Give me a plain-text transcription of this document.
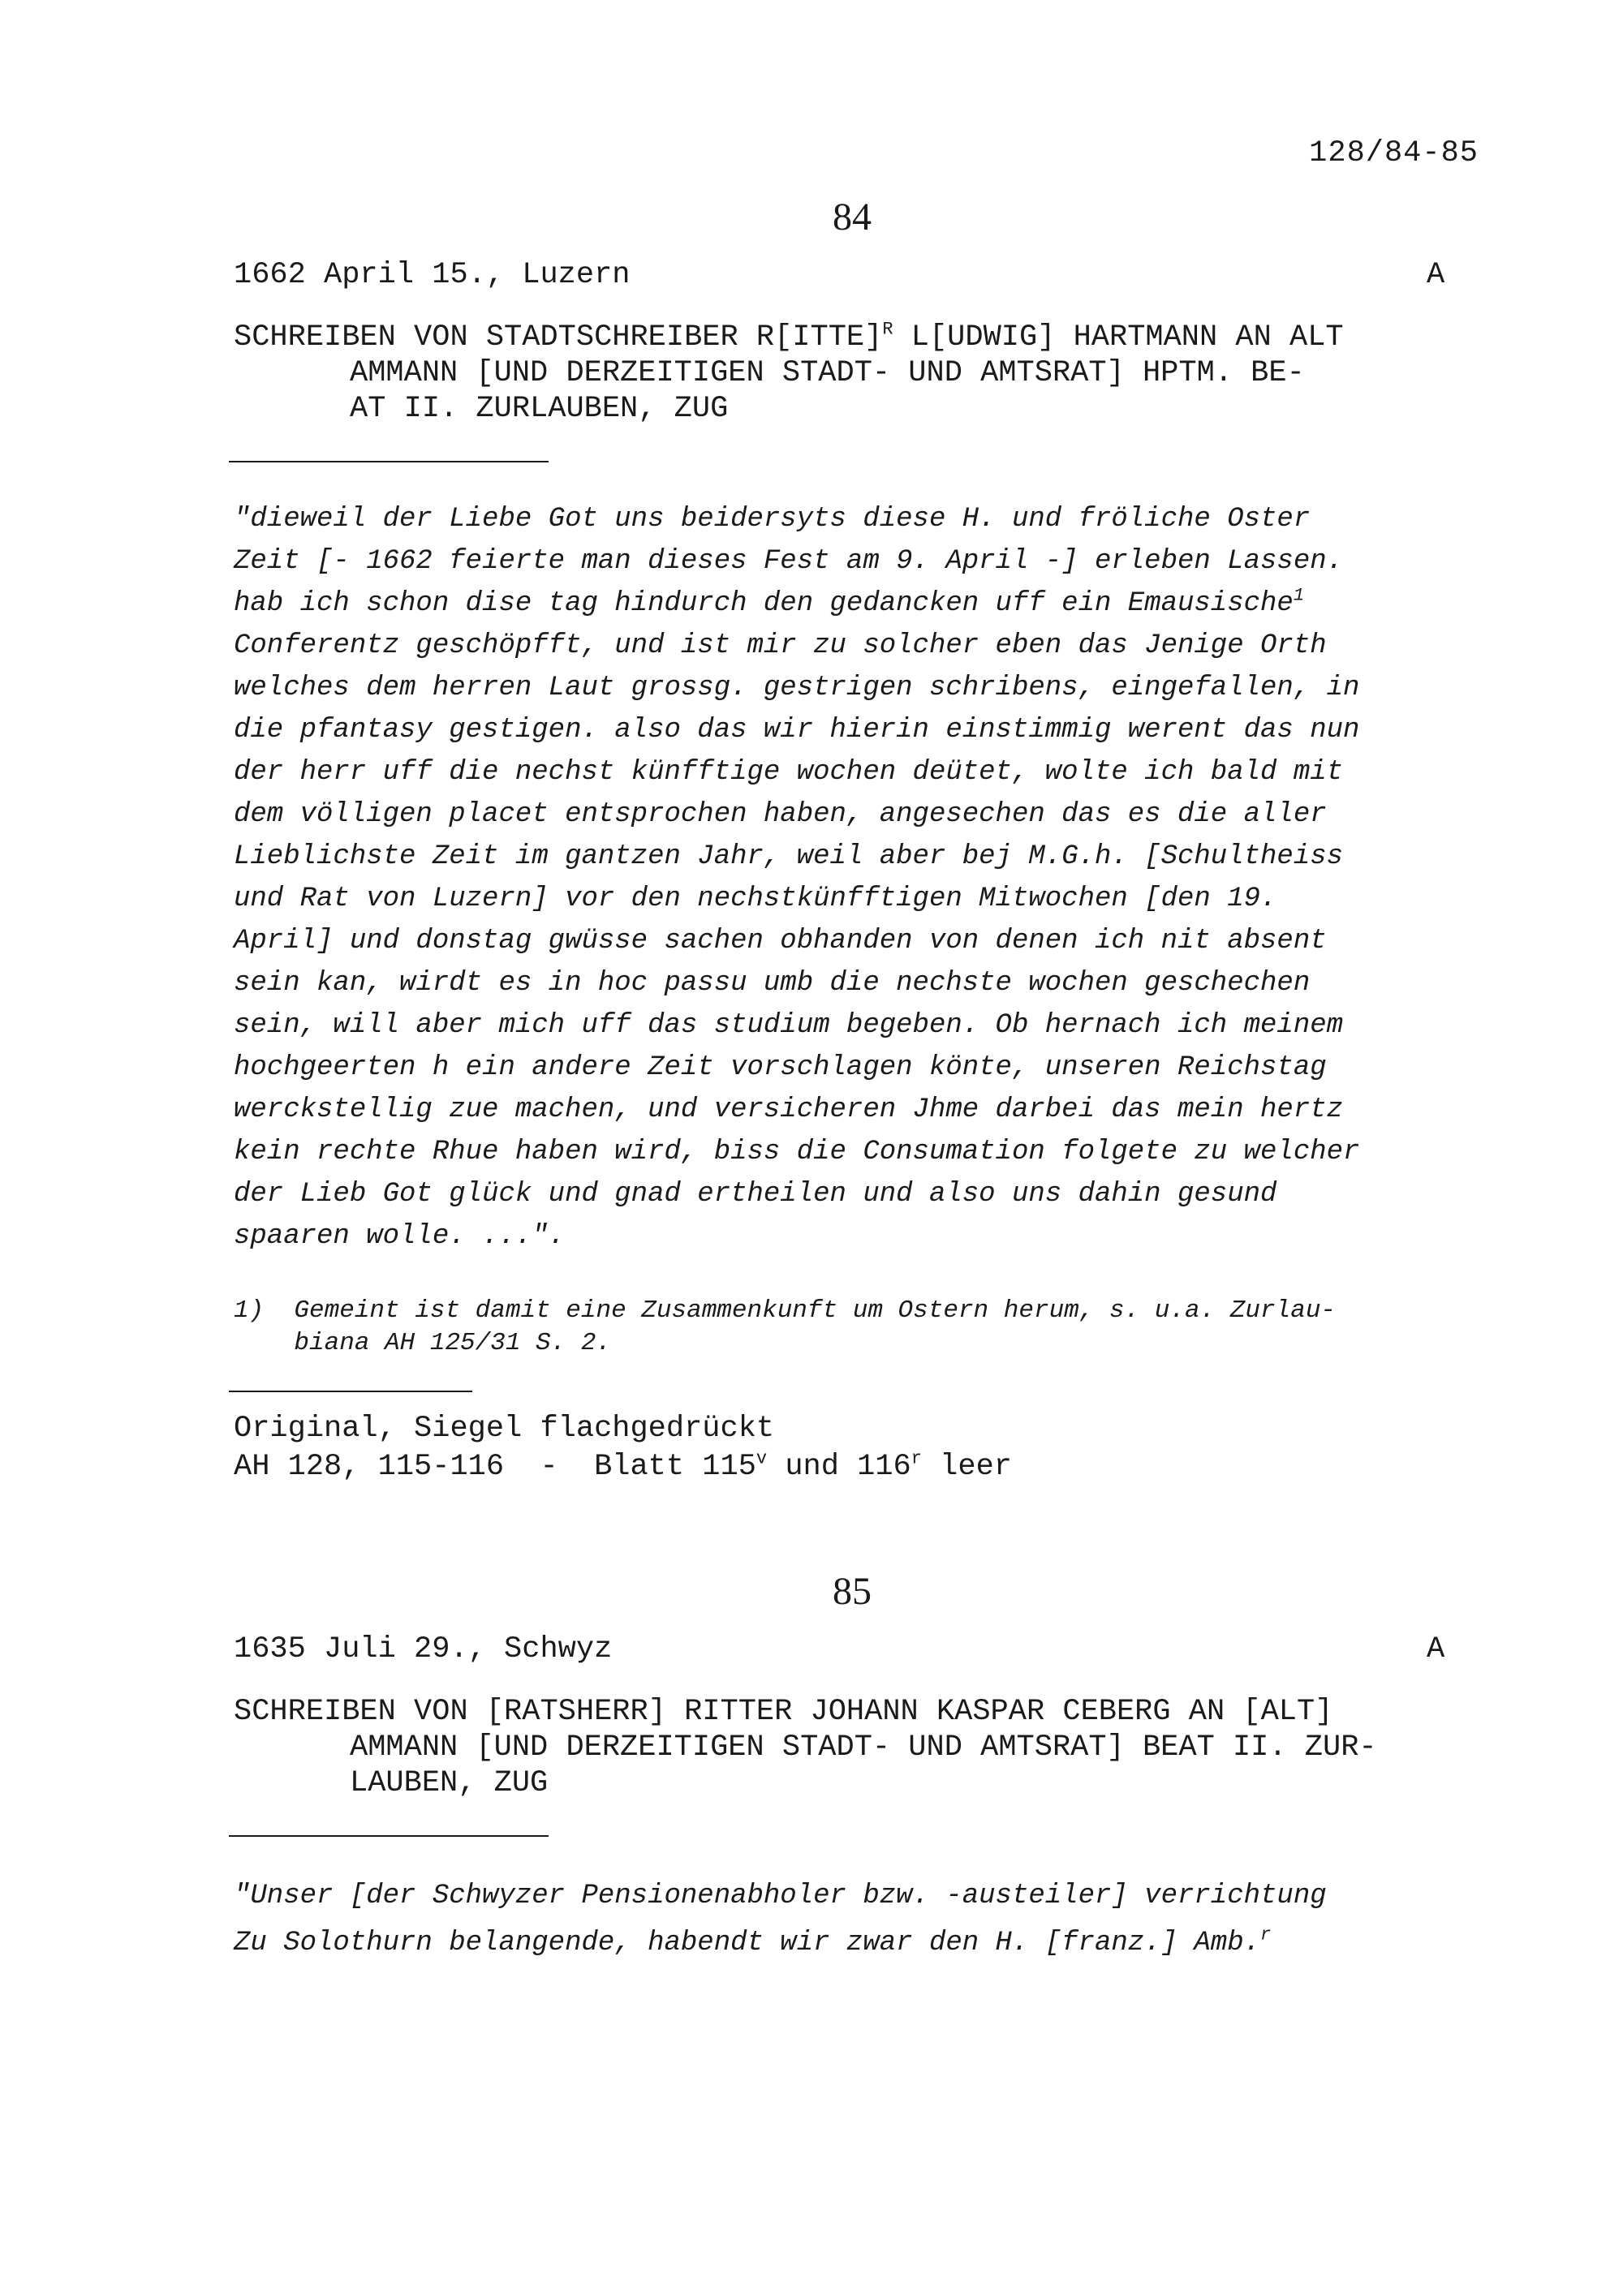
128/84-85
84
1662 April 15., Luzern	A
SCHREIBEN VON STADTSCHREIBER R[ITTE]$^R$ L[UDWIG] HARTMANN AN ALT
AMMANN [UND DERZEITIGEN STADT- UND AMTSRAT] HPTM. BE-
AT II. ZURLAUBEN, ZUG
"dieweil der Liebe Got uns beidersyts diese H. und fröliche Oster
Zeit [- 1662 feierte man dieses Fest am 9. April -] erleben Lassen.
hab ich schon dise tag hindurch den gedancken uff ein Emausische$^1$
Conferentz geschöpfft, und ist mir zu solcher eben das Jenige Orth
welches dem herren Laut grossg. gestrigen schribens, eingefallen, in
die pfantasy gestigen. also das wir hierin einstimmig werent das nun
der herr uff die nechst künfftige wochen deütet, wolte ich bald mit
dem völligen placet entsprochen haben, angesechen das es die aller
Lieblichste Zeit im gantzen Jahr, weil aber bej M.G.h. [Schultheiss
und Rat von Luzern] vor den nechstkünfftigen Mitwochen [den 19.
April] und donstag gwüsse sachen obhanden von denen ich nit absent
sein kan, wirdt es in hoc passu umb die nechste wochen geschechen
sein, will aber mich uff das studium begeben. Ob hernach ich meinem
hochgeerten h ein andere Zeit vorschlagen könte, unseren Reichstag
werckstellig zue machen, und versicheren Jhme darbei das mein hertz
kein rechte Rhue haben wird, biss die Consumation folgete zu welcher
der Lieb Got glück und gnad ertheilen und also uns dahin gesund
spaaren wolle. ...".
1)  Gemeint ist damit eine Zusammenkunft um Ostern herum, s. u.a. Zurlau-
biana AH 125/31 S. 2.
Original, Siegel flachgedrückt
AH 128, 115-116  -  Blatt 115$^v$ und 116$^r$ leer
85
1635 Juli 29., Schwyz	A
SCHREIBEN VON [RATSHERR] RITTER JOHANN KASPAR CEBERG AN [ALT]
AMMANN [UND DERZEITIGEN STADT- UND AMTSRAT] BEAT II. ZUR-
LAUBEN, ZUG
"Unser [der Schwyzer Pensionenabholer bzw. -austeiler] verrichtung
Zu Solothurn belangende, habendt wir zwar den H. [franz.] Amb.$^r$
